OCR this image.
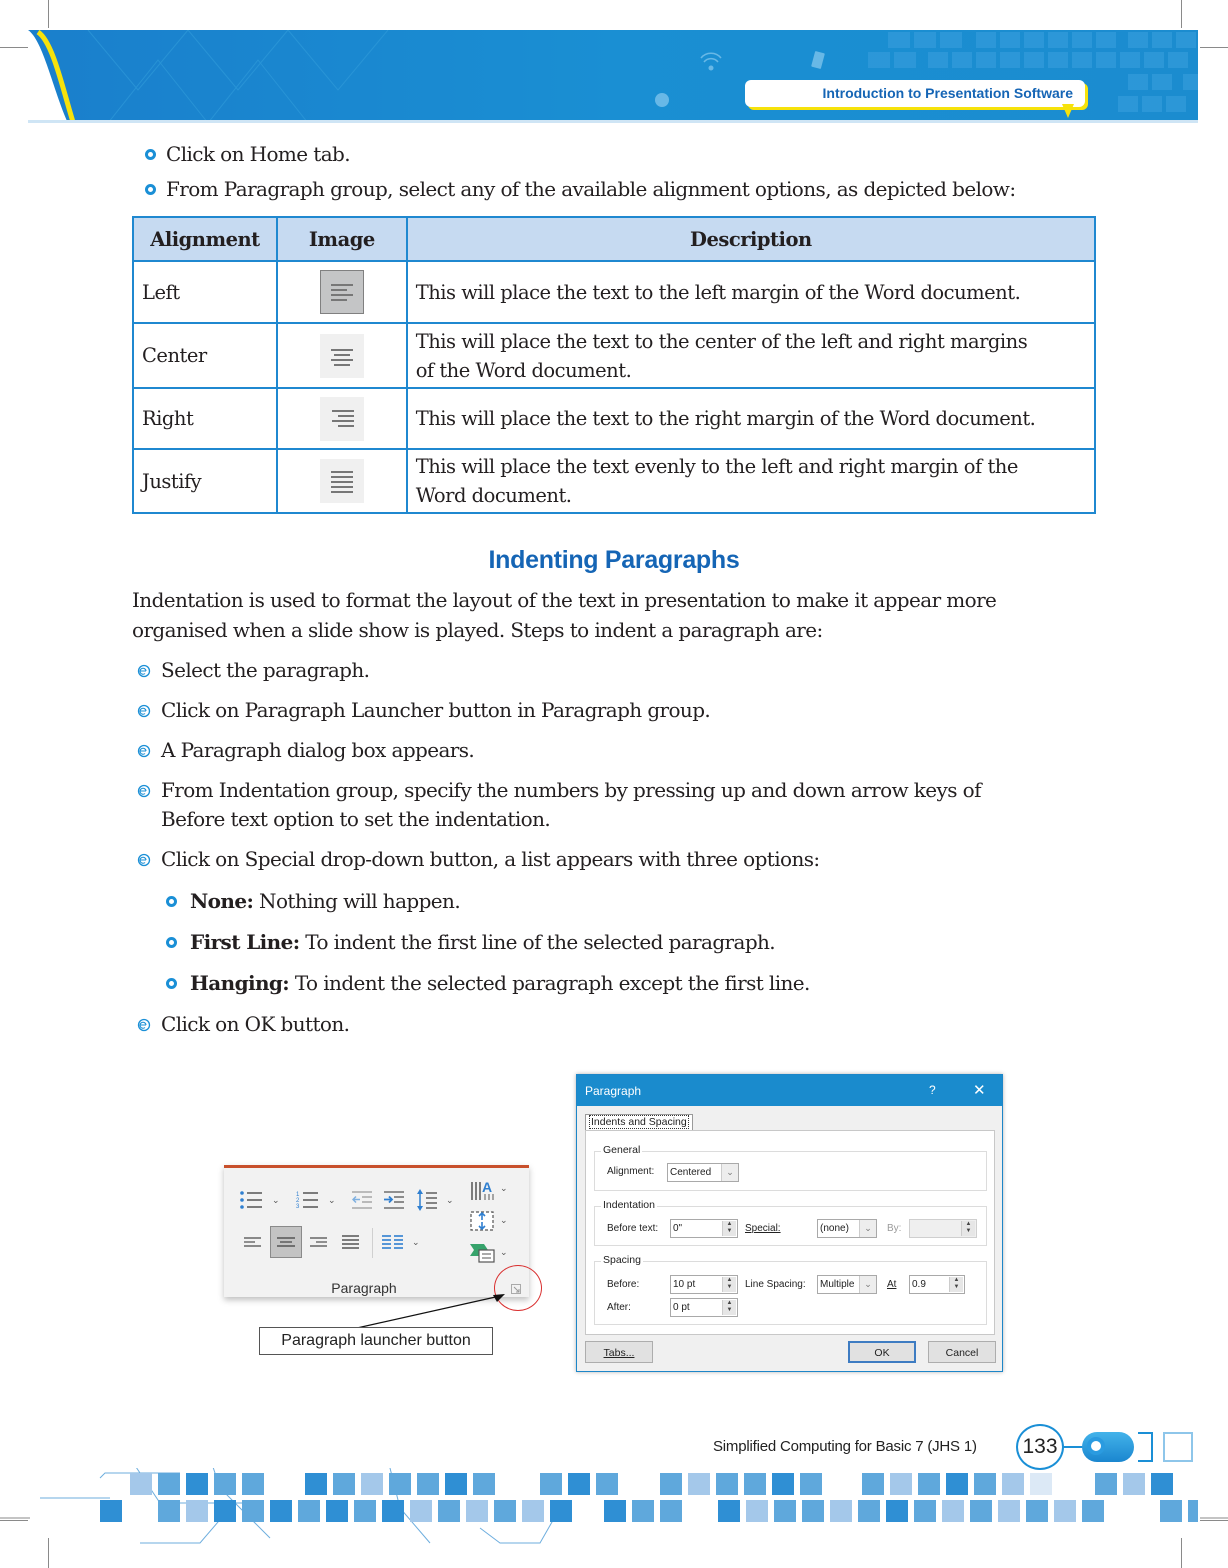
Introduction to Presentation Software
Click on Home tab.
From Paragraph group, select any of the available alignment options, as depicted below:
Alignment	Image	Description
Left		This will place the text to the left margin of the Word document.
Center		This will place the text to the center of the left and right margins
of the Word document.

Right		This will place the text to the right margin of the Word document.
Justify		This will place the text evenly to the left and right margin of the
Word document.
Indenting Paragraphs
Indentation is used to format the layout of the text in presentation to make it appear more
organised when a slide show is played. Steps to indent a paragraph are:
Select the paragraph.
Click on Paragraph Launcher button in Paragraph group.
A Paragraph dialog box appears.
From Indentation group, specify the numbers by pressing up and down arrow keys of
Before text option to set the indentation.
Click on Special drop-down button, a list appears with three options:
None: Nothing will happen.
First Line: To indent the first line of the selected paragraph.
Hanging: To indent the selected paragraph except the first line.
Click on OK button.
⌄
1
2
3
⌄	⌄
A ⌄
⌄
⌄
⌄
Paragraph
Paragraph launcher button
Paragraph	? ✕
Indents and Spacing
General
Alignment:	Centered	⌄
Indentation
Before text:	0"	▲
▼	Special:	(none)	⌄	By:	▲
▼
Spacing
Before:	10 pt	▲
▼	Line Spacing:	Multiple	⌄	At	0.9	▲
▼
After:	0 pt	▲
▼
Tabs...	OK	Cancel
Simplified Computing for Basic 7 (JHS 1)	133
